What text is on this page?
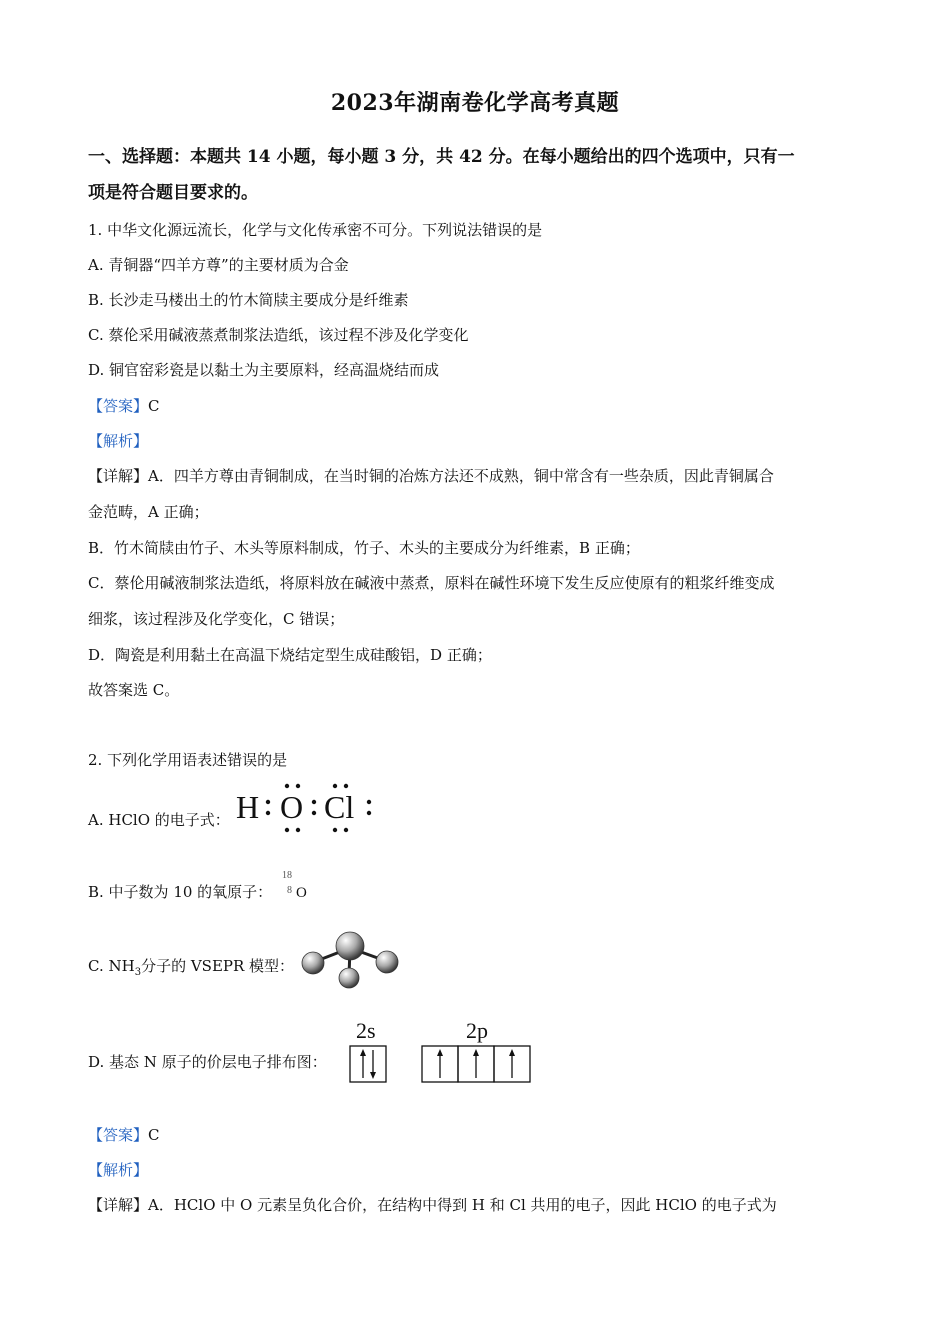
2023年湖南卷化学高考真题
一、选择题：本题共 14 小题，每小题 3 分，共 42 分。在每小题给出的四个选项中，只有一
项是符合题目要求的。
1. 中华文化源远流长，化学与文化传承密不可分。下列说法错误的是
A. 青铜器“四羊方尊”的主要材质为合金
B. 长沙走马楼出土的竹木简牍主要成分是纤维素
C. 蔡伦采用碱液蒸煮制浆法造纸，该过程不涉及化学变化
D. 铜官窑彩瓷是以黏土为主要原料，经高温烧结而成
【答案】C
【解析】
【详解】A．四羊方尊由青铜制成，在当时铜的冶炼方法还不成熟，铜中常含有一些杂质，因此青铜属合
金范畴，A 正确；
B．竹木简牍由竹子、木头等原料制成，竹子、木头的主要成分为纤维素，B 正确；
C．蔡伦用碱液制浆法造纸，将原料放在碱液中蒸煮，原料在碱性环境下发生反应使原有的粗浆纤维变成
细浆，该过程涉及化学变化，C 错误；
D．陶瓷是利用黏土在高温下烧结定型生成硅酸铝，D 正确；
故答案选 C。
2. 下列化学用语表述错误的是
A. HClO 的电子式： H O Cl
B. 中子数为 10 的氧原子：
18
8 O
C. $NH_3$分子的 VSEPR 模型：
D. 基态 N 原子的价层电子排布图：
2s	2p
【答案】C
【解析】
【详解】A．HClO 中 O 元素呈负化合价，在结构中得到 H 和 Cl 共用的电子，因此 HClO 的电子式为
